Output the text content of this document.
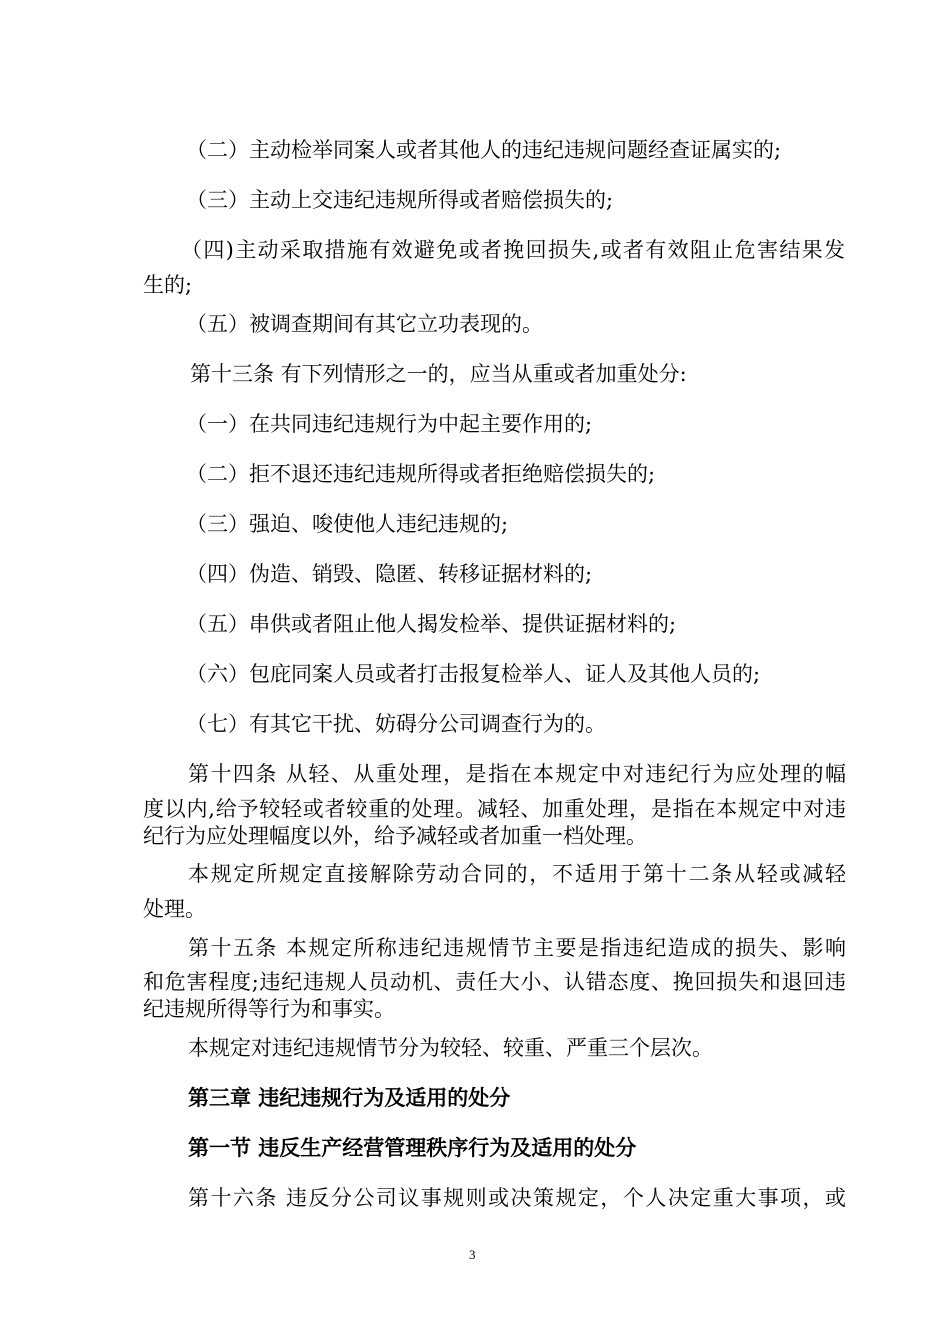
（二）主动检举同案人或者其他人的违纪违规问题经查证属实的;

（三）主动上交违纪违规所得或者赔偿损失的;

（四)主动采取措施有效避免或者挽回损失,或者有效阻止危害结果发

生的;

（五）被调查期间有其它立功表现的。

第十三条 有下列情形之一的，应当从重或者加重处分:

（一）在共同违纪违规行为中起主要作用的;

（二）拒不退还违纪违规所得或者拒绝赔偿损失的;

（三）强迫、唆使他人违纪违规的;

（四）伪造、销毁、隐匿、转移证据材料的;

（五）串供或者阻止他人揭发检举、提供证据材料的;

（六）包庇同案人员或者打击报复检举人、证人及其他人员的;

（七）有其它干扰、妨碍分公司调查行为的。

第十四条 从轻、从重处理，是指在本规定中对违纪行为应处理的幅

度以内,给予较轻或者较重的处理。减轻、加重处理，是指在本规定中对违

纪行为应处理幅度以外，给予减轻或者加重一档处理。

本规定所规定直接解除劳动合同的，不适用于第十二条从轻或减轻

处理。

第十五条 本规定所称违纪违规情节主要是指违纪造成的损失、影响

和危害程度;违纪违规人员动机、责任大小、认错态度、挽回损失和退回违

纪违规所得等行为和事实。

本规定对违纪违规情节分为较轻、较重、严重三个层次。

第三章 违纪违规行为及适用的处分

第一节 违反生产经营管理秩序行为及适用的处分

第十六条 违反分公司议事规则或决策规定，个人决定重大事项，或

3
